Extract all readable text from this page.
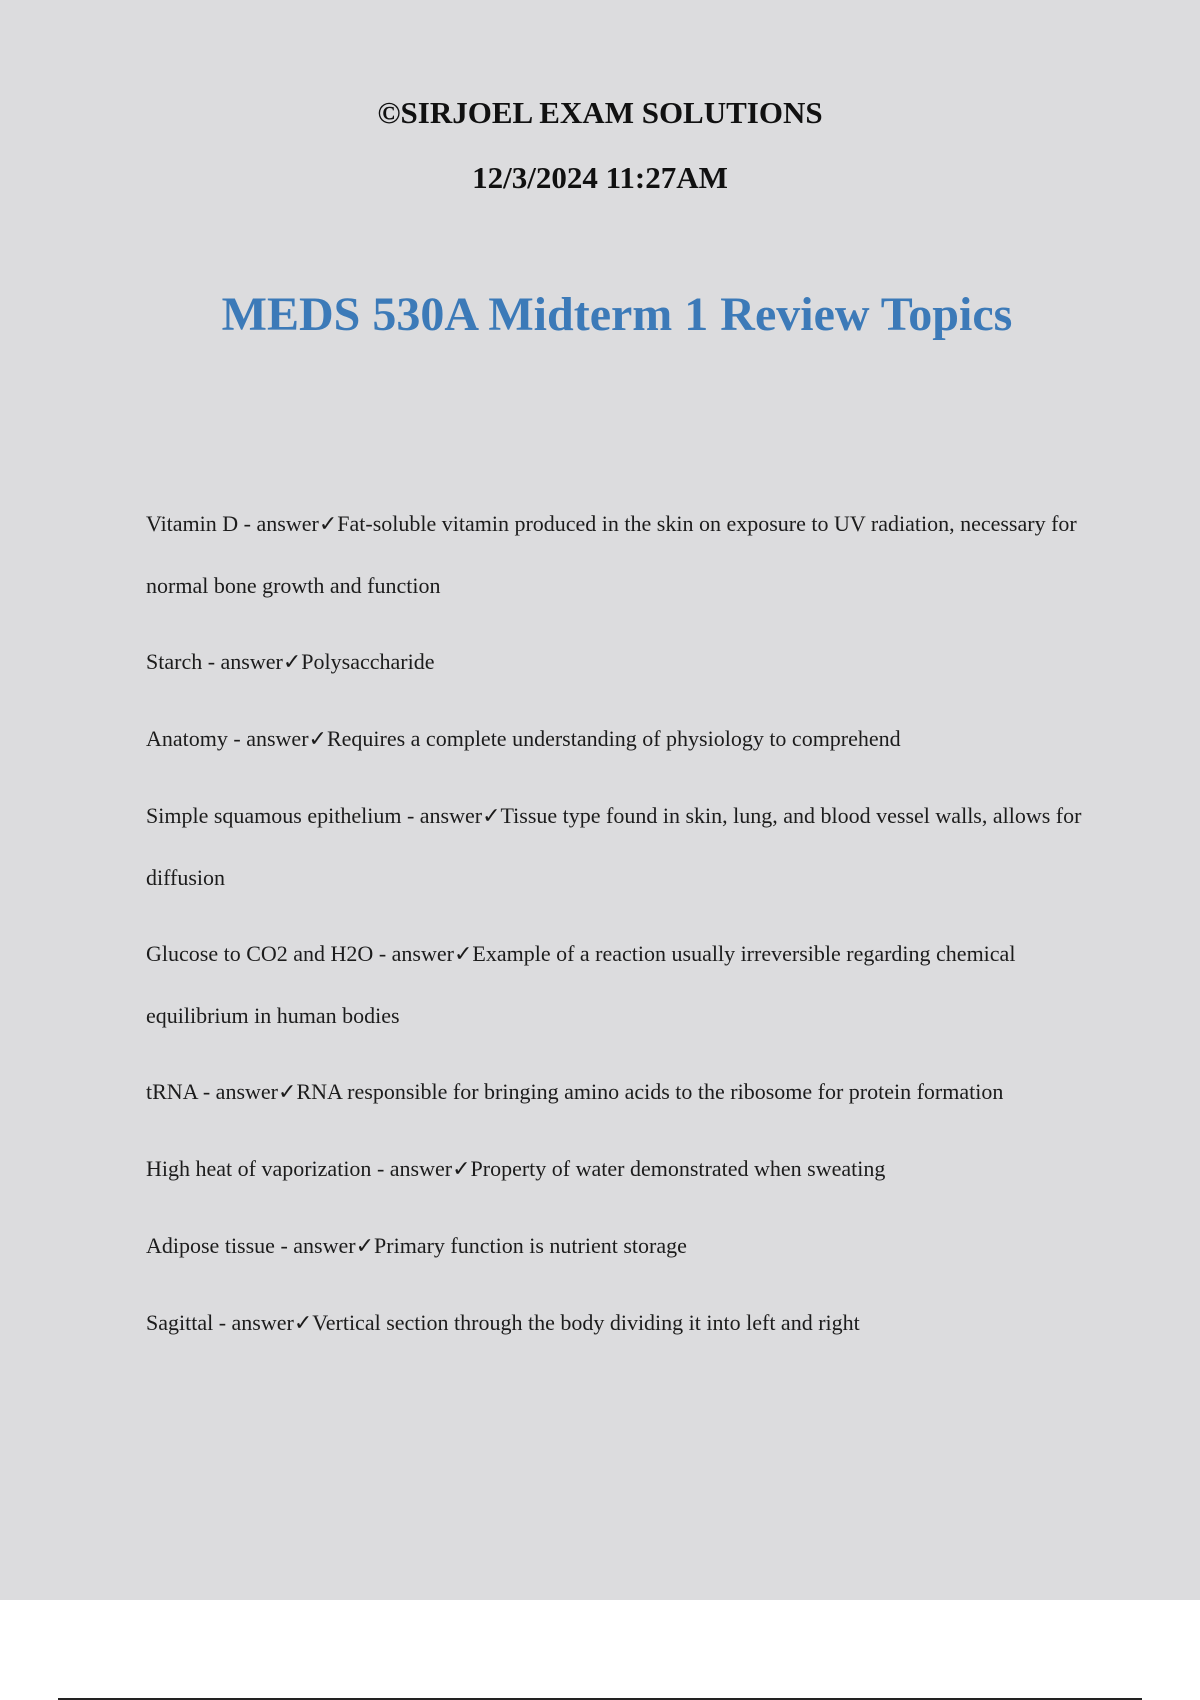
©SIRJOEL EXAM SOLUTIONS

12/3/2024 11:27AM

MEDS 530A Midterm 1 Review Topics
Vitamin D - answer✓Fat-soluble vitamin produced in the skin on exposure to UV radiation, necessary for normal bone growth and function
Starch - answer✓Polysaccharide
Anatomy - answer✓Requires a complete understanding of physiology to comprehend
Simple squamous epithelium - answer✓Tissue type found in skin, lung, and blood vessel walls, allows for diffusion
Glucose to CO2 and H2O - answer✓Example of a reaction usually irreversible regarding chemical equilibrium in human bodies
tRNA - answer✓RNA responsible for bringing amino acids to the ribosome for protein formation
High heat of vaporization - answer✓Property of water demonstrated when sweating
Adipose tissue - answer✓Primary function is nutrient storage
Sagittal - answer✓Vertical section through the body dividing it into left and right
